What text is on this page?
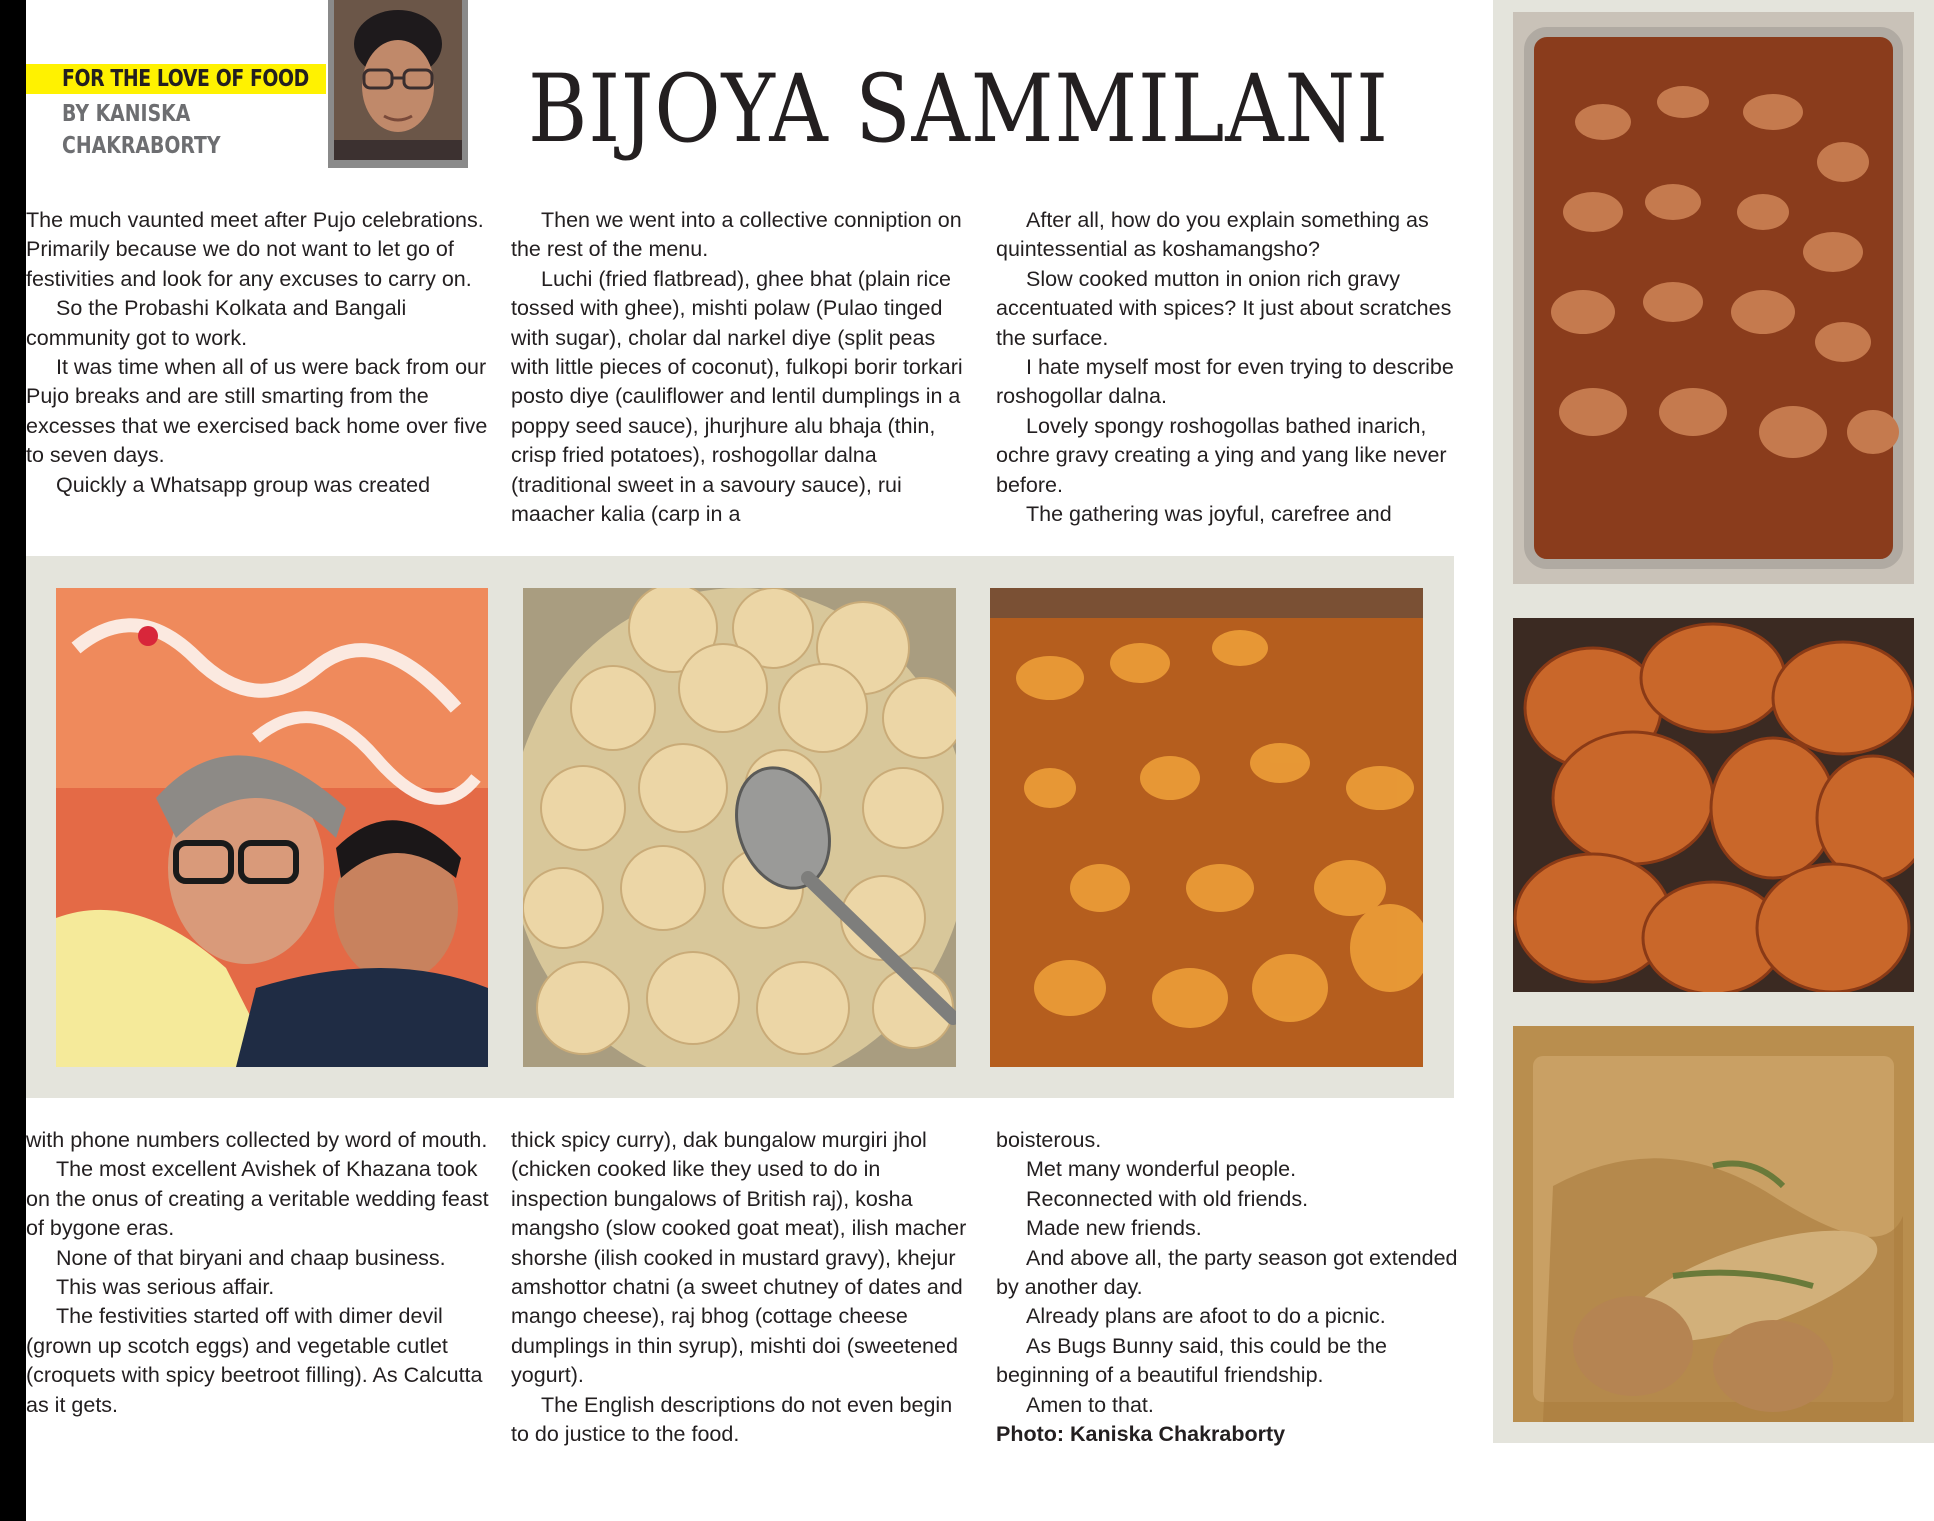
FOR THE LOVE OF FOOD
BY KANISKA
CHAKRABORTY	BIJOYA SAMMILANI

The much vaunted meet after Pujo celebrations. Primarily because we do not want to let go of festivities and look for any excuses to carry on.

So the Probashi Kolkata and Bangali community got to work.

It was time when all of us were back from our Pujo breaks and are still smarting from the excesses that we exercised back home over five to seven days.

Quickly a Whatsapp group was created

Then we went into a collective conniption on the rest of the menu.

Luchi (fried flatbread), ghee bhat (plain rice tossed with ghee), mishti polaw (Pulao tinged with sugar), cholar dal narkel diye (split peas with little pieces of coconut), fulkopi borir torkari posto diye (cauliflower and lentil dumplings in a poppy seed sauce), jhurjhure alu bhaja (thin, crisp fried potatoes), roshogollar dalna (traditional sweet in a savoury sauce), rui maacher kalia (carp in a

After all, how do you explain something as quintessential as koshamangsho?

Slow cooked mutton in onion rich gravy accentuated with spices? It just about scratches the surface.

I hate myself most for even trying to describe roshogollar dalna.

Lovely spongy roshogollas bathed inarich, ochre gravy creating a ying and yang like never before.

The gathering was joyful, carefree and

with phone numbers collected by word of mouth.

The most excellent Avishek of Khazana took on the onus of creating a veritable wedding feast of bygone eras.

None of that biryani and chaap business.

This was serious affair.

The festivities started off with dimer devil (grown up scotch eggs) and vegetable cutlet (croquets with spicy beetroot filling). As Calcutta as it gets.

thick spicy curry), dak bungalow murgiri jhol (chicken cooked like they used to do in inspection bungalows of British raj), kosha mangsho (slow cooked goat meat), ilish macher shorshe (ilish cooked in mustard gravy), khejur amshottor chatni (a sweet chutney of dates and mango cheese), raj bhog (cottage cheese dumplings in thin syrup), mishti doi (sweetened yogurt).

The English descriptions do not even begin to do justice to the food.

boisterous.

Met many wonderful people.

Reconnected with old friends.

Made new friends.

And above all, the party season got extended by another day.

Already plans are afoot to do a picnic.

As Bugs Bunny said, this could be the beginning of a beautiful friendship.

Amen to that.

Photo: Kaniska Chakraborty
